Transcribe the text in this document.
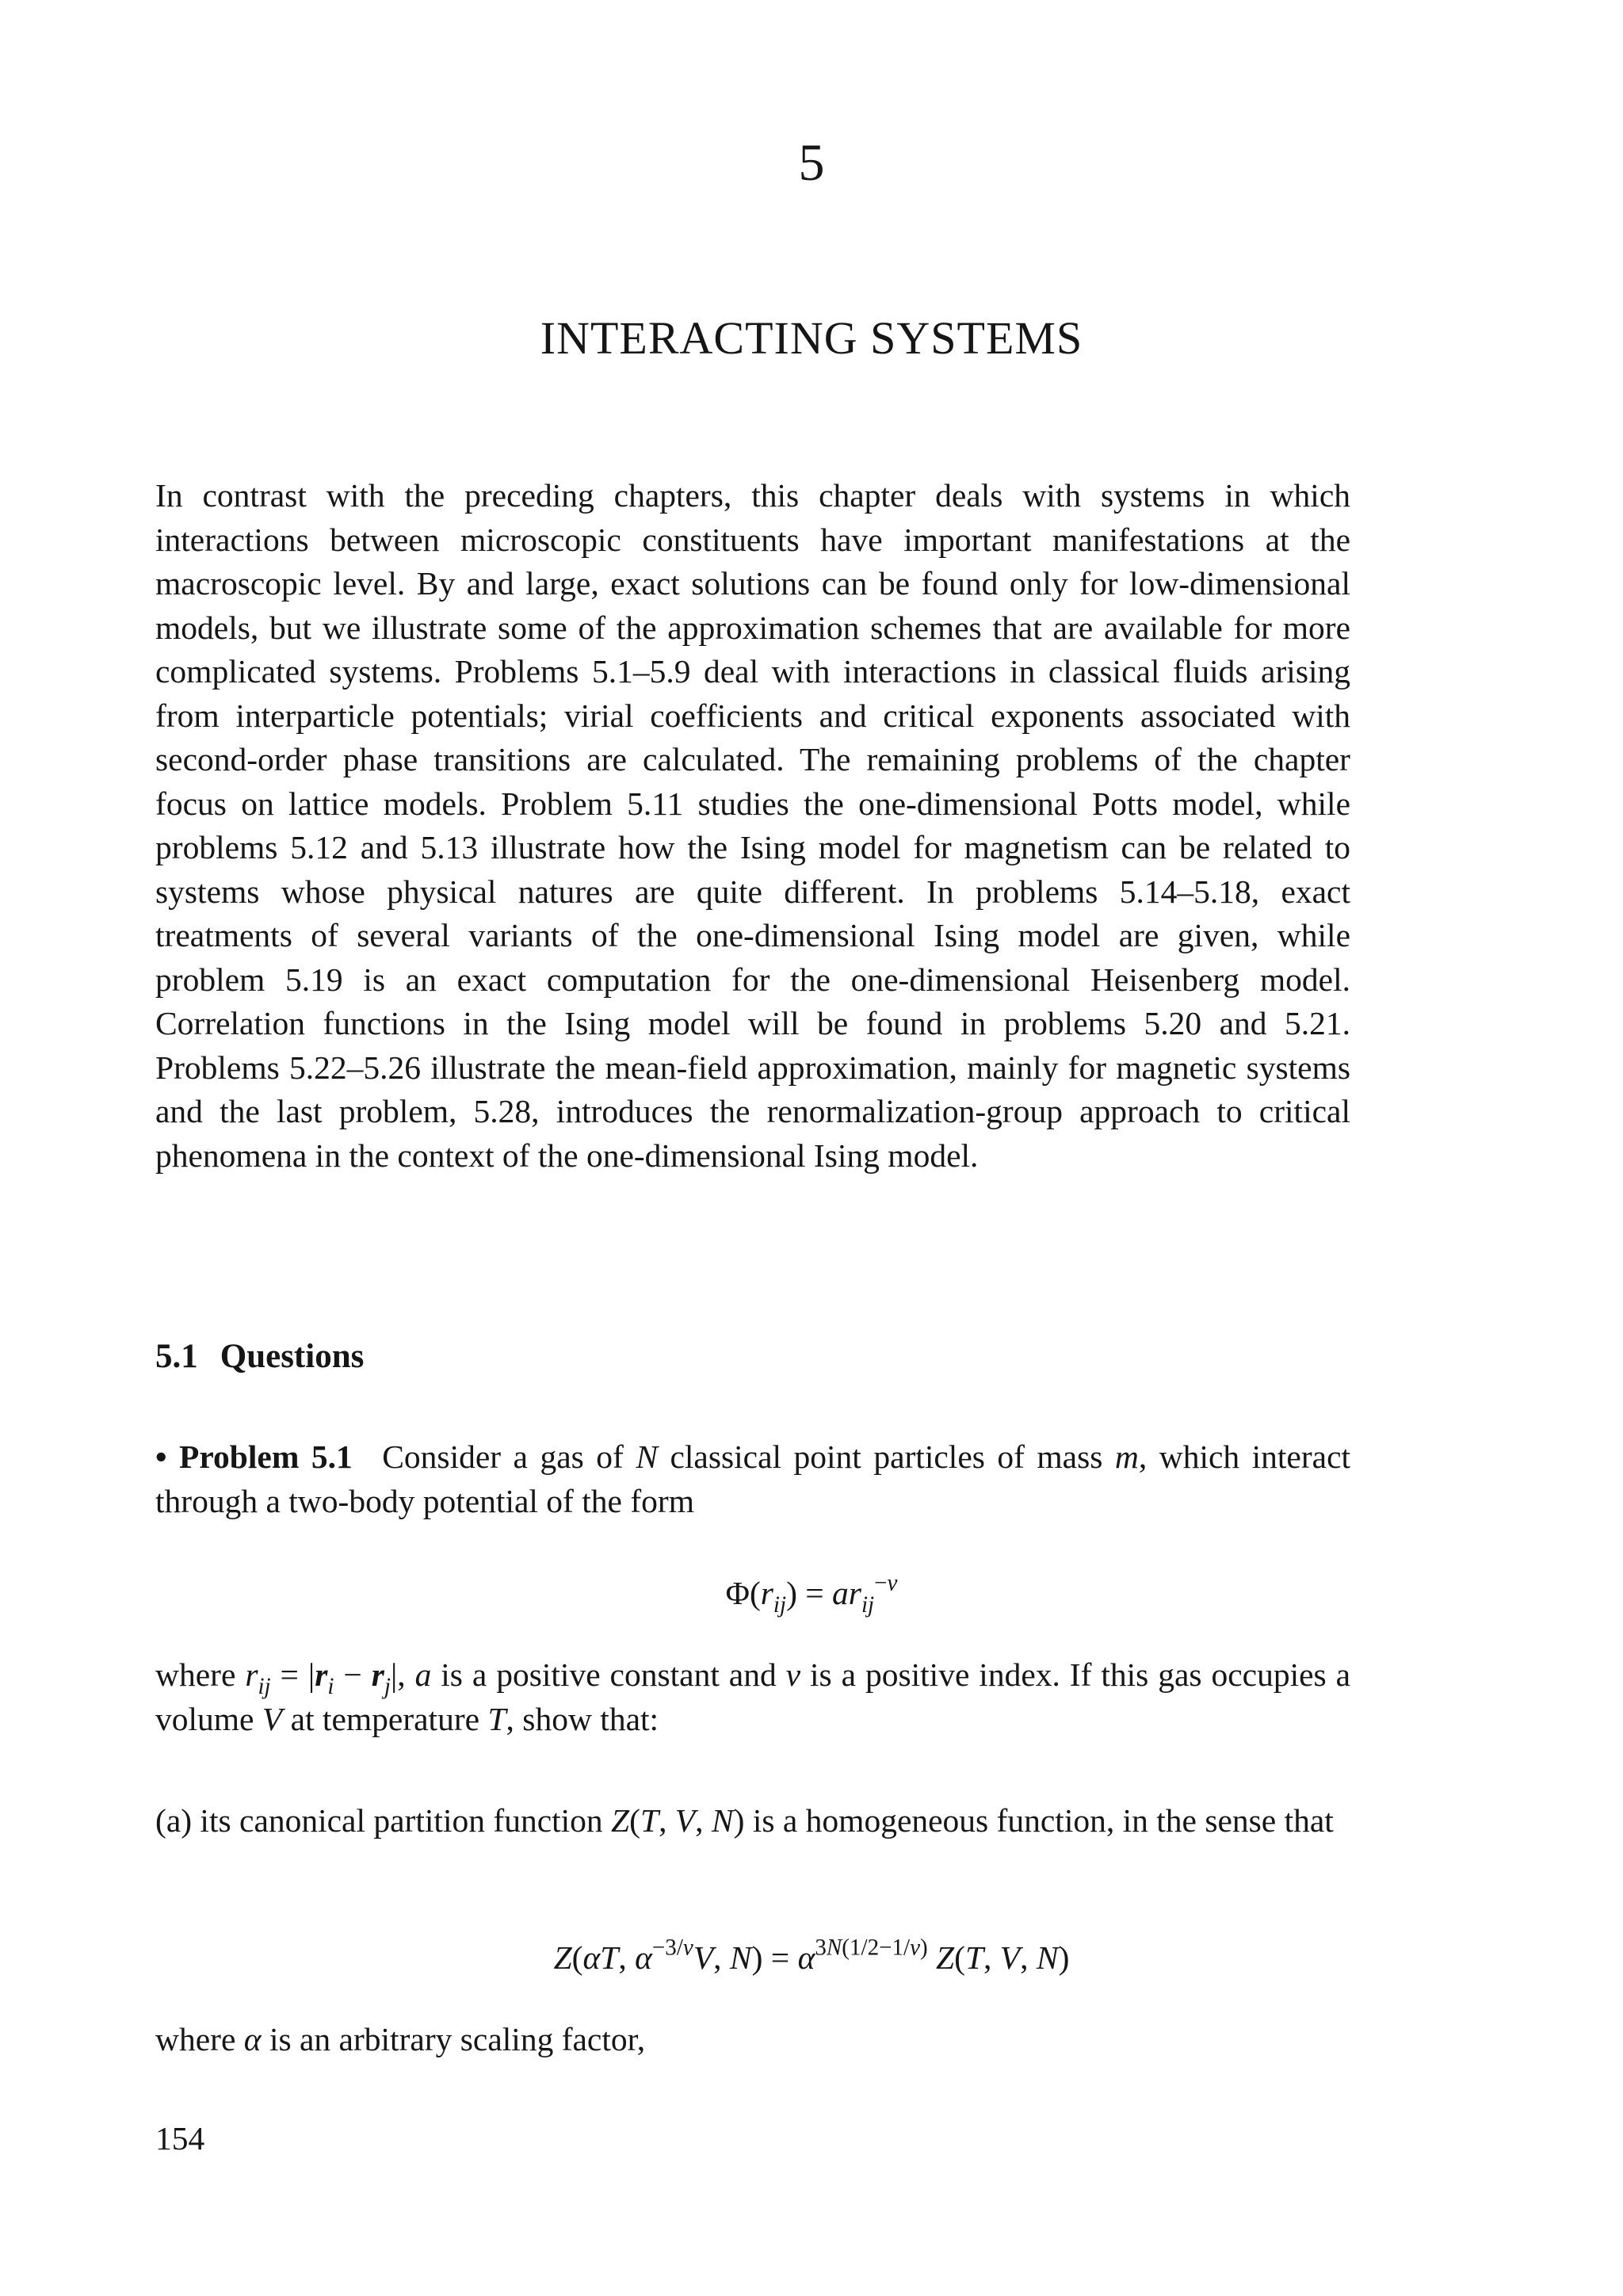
5
INTERACTING SYSTEMS

In contrast with the preceding chapters, this chapter deals with systems in which interactions between microscopic constituents have important manifestations at the macroscopic level. By and large, exact solutions can be found only for low-dimensional models, but we illustrate some of the approximation schemes that are available for more complicated systems. Problems 5.1–5.9 deal with interactions in classical fluids arising from interparticle potentials; virial coefficients and critical exponents associated with second-order phase transitions are calculated. The remaining problems of the chapter focus on lattice models. Problem 5.11 studies the one-dimensional Potts model, while problems 5.12 and 5.13 illustrate how the Ising model for magnetism can be related to systems whose physical natures are quite different. In problems 5.14–5.18, exact treatments of several variants of the one-dimensional Ising model are given, while problem 5.19 is an exact computation for the one-dimensional Heisenberg model. Correlation functions in the Ising model will be found in problems 5.20 and 5.21. Problems 5.22–5.26 illustrate the mean-field approximation, mainly for magnetic systems and the last problem, 5.28, introduces the renormalization-group approach to critical phenomena in the context of the one-dimensional Ising model.

5.1 Questions

• Problem 5.1 Consider a gas of N classical point particles of mass m, which interact through a two-body potential of the form

$\Phi(r_{ij}) = ar_{ij}^{-\nu}$

where $r_{ij} = |r_i - r_j|$, a is a positive constant and ν is a positive index. If this gas occupies a volume V at temperature T, show that:

(a) its canonical partition function Z(T, V, N) is a homogeneous function, in the sense that

Z(αT, $\alpha^{-3/\nu}V$, $N) = \alpha^{3N(1/2-1/\nu)}$ Z(T, V, N)

where α is an arbitrary scaling factor,

154
